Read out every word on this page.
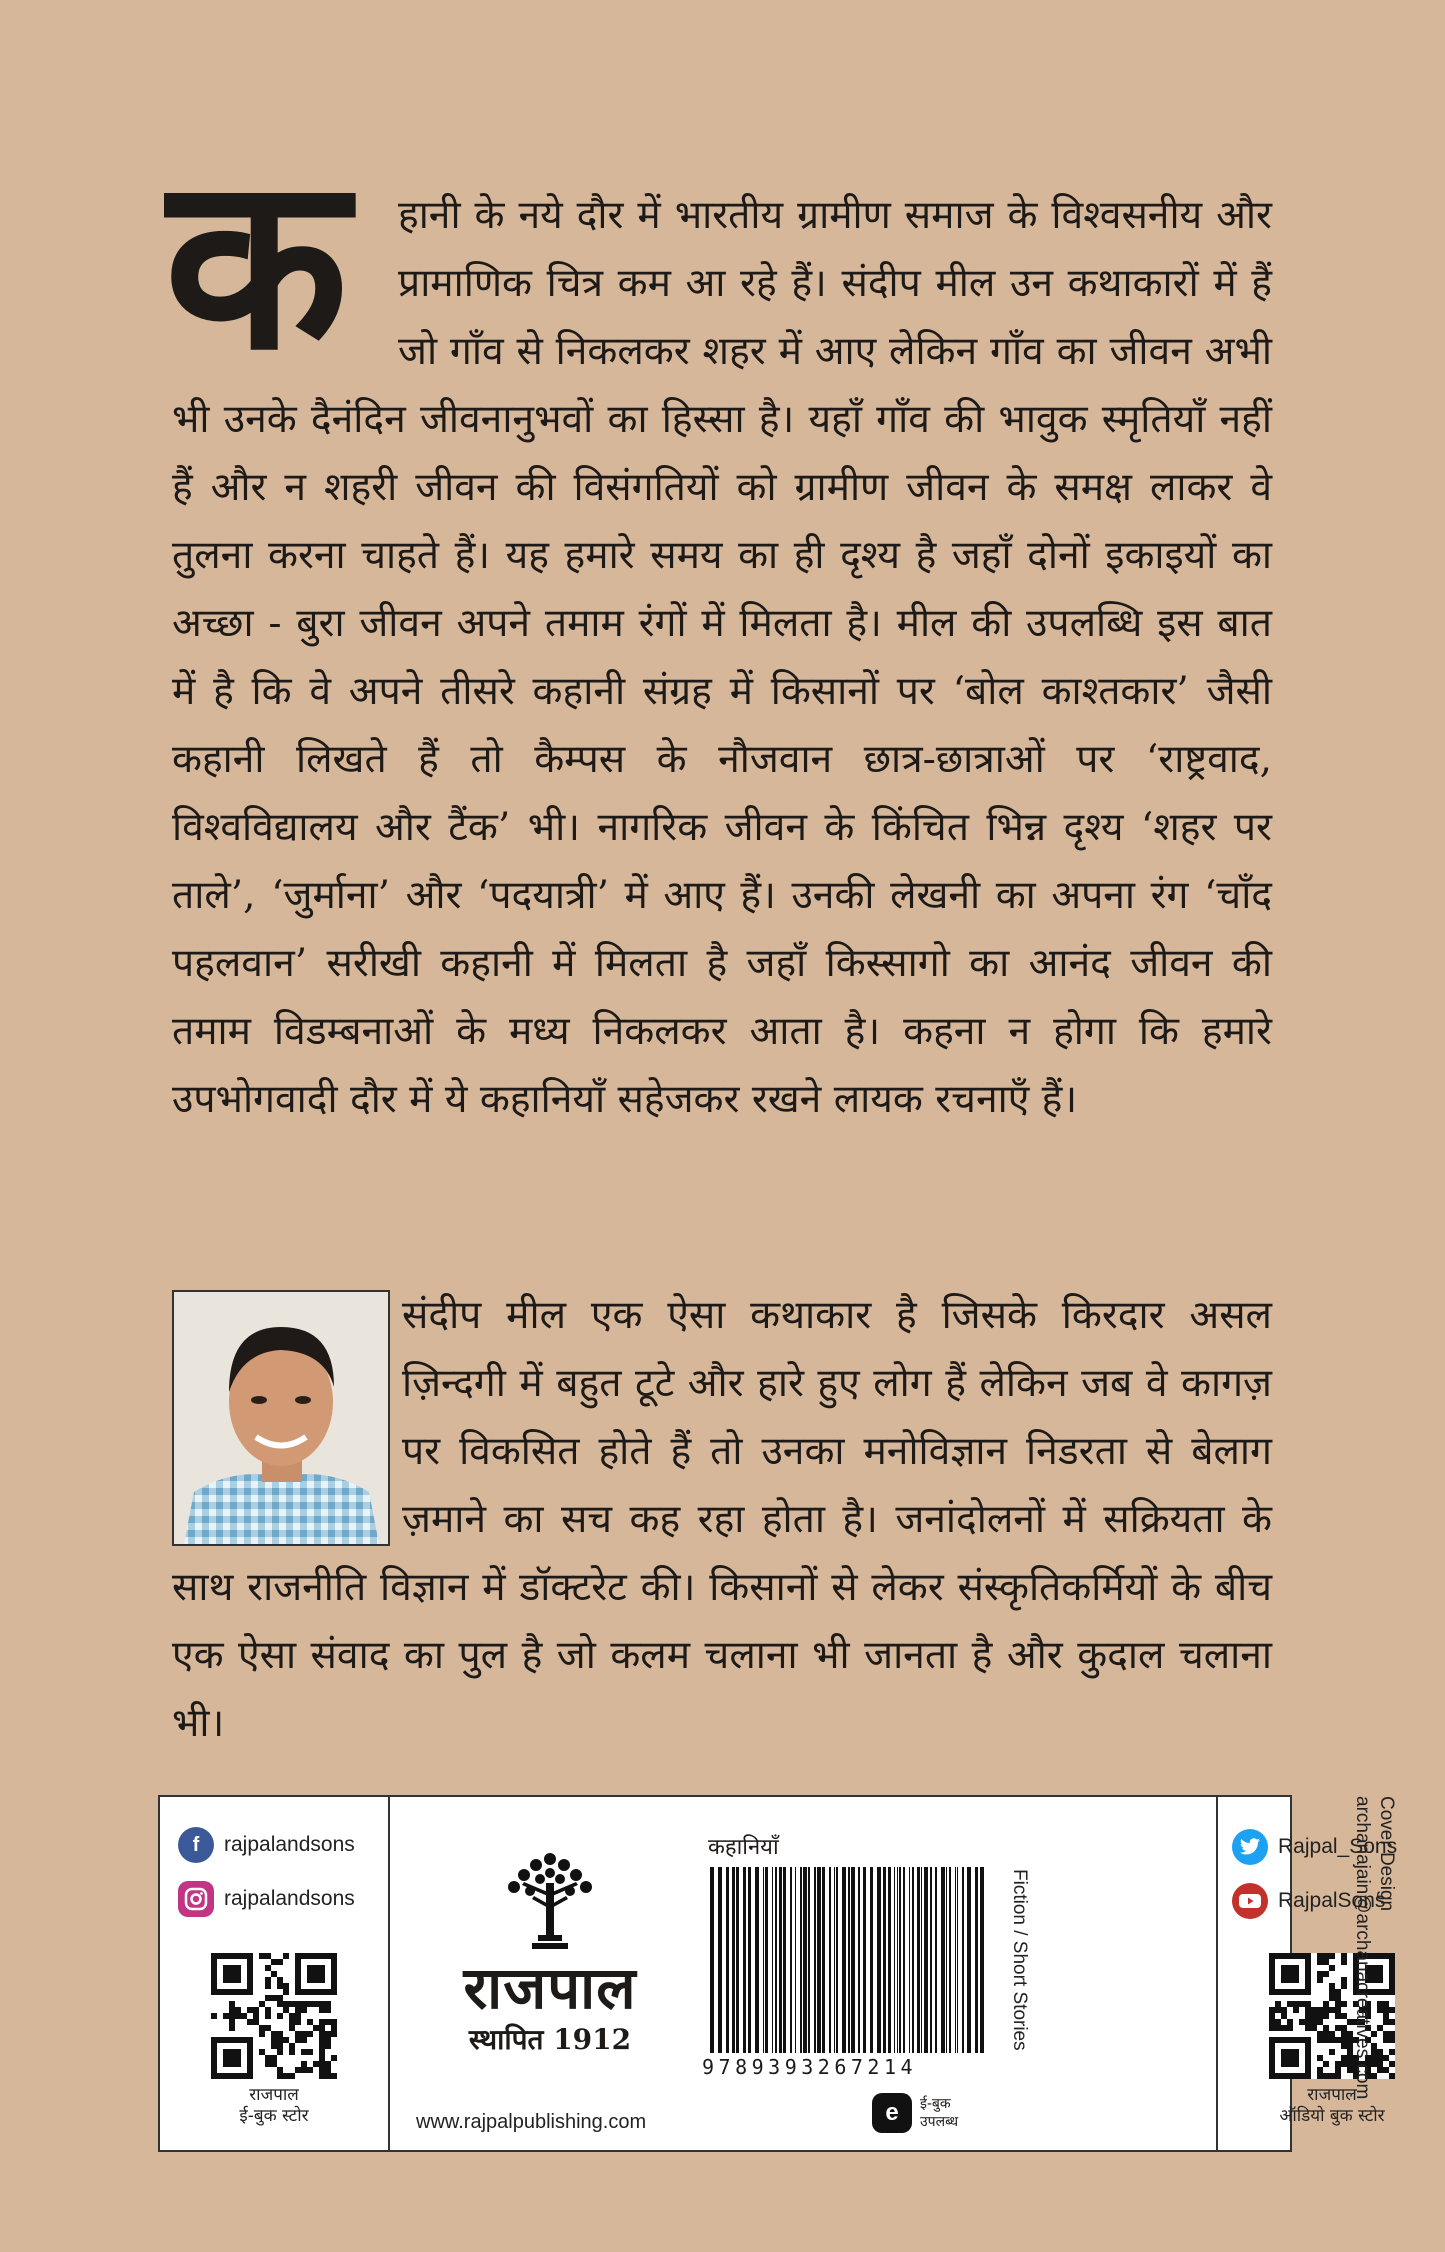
क	हानी के नये दौर में भारतीय ग्रामीण समाज के विश्वसनीय और प्रामाणिक चित्र कम आ रहे हैं। संदीप मील उन कथाकारों में हैं जो गाँव से निकलकर शहर में आए लेकिन गाँव का जीवन अभी भी उनके दैनंदिन जीवनानुभवों का हिस्सा है। यहाँ गाँव की भावुक स्मृतियाँ नहीं हैं और न शहरी जीवन की विसंगतियों को ग्रामीण जीवन के समक्ष लाकर वे तुलना करना चाहते हैं। यह हमारे समय का ही दृश्य है जहाँ दोनों इकाइयों का अच्छा - बुरा जीवन अपने तमाम रंगों में मिलता है। मील की उपलब्धि इस बात में है कि वे अपने तीसरे कहानी संग्रह में किसानों पर ‘बोल काश्तकार’ जैसी कहानी लिखते हैं तो कैम्पस के नौजवान छात्र-छात्राओं पर ‘राष्ट्रवाद, विश्वविद्यालय और टैंक’ भी। नागरिक जीवन के किंचित भिन्न दृश्य ‘शहर पर ताले’, ‘जुर्माना’ और ‘पदयात्री’ में आए हैं। उनकी लेखनी का अपना रंग ‘चाँद पहलवान’ सरीखी कहानी में मिलता है जहाँ किस्सागो का आनंद जीवन की तमाम विडम्बनाओं के मध्य निकलकर आता है। कहना न होगा कि हमारे उपभोगवादी दौर में ये कहानियाँ सहेजकर रखने लायक रचनाएँ हैं।

संदीप मील एक ऐसा कथाकार है जिसके किरदार असल ज़िन्दगी में बहुत टूटे और हारे हुए लोग हैं लेकिन जब वे कागज़ पर विकसित होते हैं तो उनका मनोविज्ञान निडरता से बेलाग ज़माने का सच कह रहा होता है। जनांदोलनों में सक्रियता के साथ राजनीति विज्ञान में डॉक्टरेट की। किसानों से लेकर संस्कृतिकर्मियों के बीच एक ऐसा संवाद का पुल है जो कलम चलाना भी जानता है और कुदाल चलाना भी।

f	rajpalandsons
rajpalandsons
राजपाल
ई-बुक स्टोर
राजपाल
स्थापित 1912
www.rajpalpublishing.com
कहानियाँ
9789393267214
e	ई-बुक
उपलब्ध
Fiction / Short Stories
Rajpal_Sons
RajpalSons
राजपाल
ऑडियो बुक स्टोर
Cover Design
archanajain@archanacreatives.com
